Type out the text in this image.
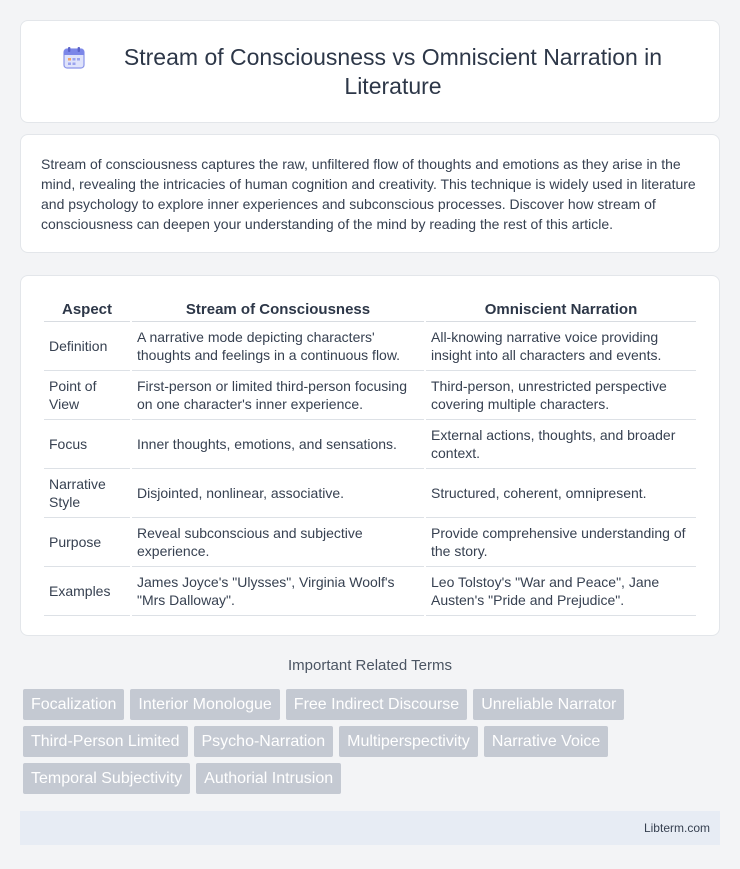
Stream of Consciousness vs Omniscient Narration in Literature

Stream of consciousness captures the raw, unfiltered flow of thoughts and emotions as they arise in the mind, revealing the intricacies of human cognition and creativity. This technique is widely used in literature and psychology to explore inner experiences and subconscious processes. Discover how stream of consciousness can deepen your understanding of the mind by reading the rest of this article.

Aspect	Stream of Consciousness	Omniscient Narration
Definition	A narrative mode depicting characters' thoughts and feelings in a continuous flow.	All-knowing narrative voice providing insight into all characters and events.
Point of View	First-person or limited third-person focusing on one character's inner experience.	Third-person, unrestricted perspective covering multiple characters.
Focus	Inner thoughts, emotions, and sensations.	External actions, thoughts, and broader context.
Narrative Style	Disjointed, nonlinear, associative.	Structured, coherent, omnipresent.
Purpose	Reveal subconscious and subjective experience.	Provide comprehensive understanding of the story.
Examples	James Joyce's "Ulysses", Virginia Woolf's "Mrs Dalloway".	Leo Tolstoy's "War and Peace", Jane Austen's "Pride and Prejudice".
Important Related Terms
Focalization	Interior Monologue	Free Indirect Discourse	Unreliable Narrator
Third-Person Limited	Psycho-Narration	Multiperspectivity	Narrative Voice
Temporal Subjectivity	Authorial Intrusion
Libterm.com
